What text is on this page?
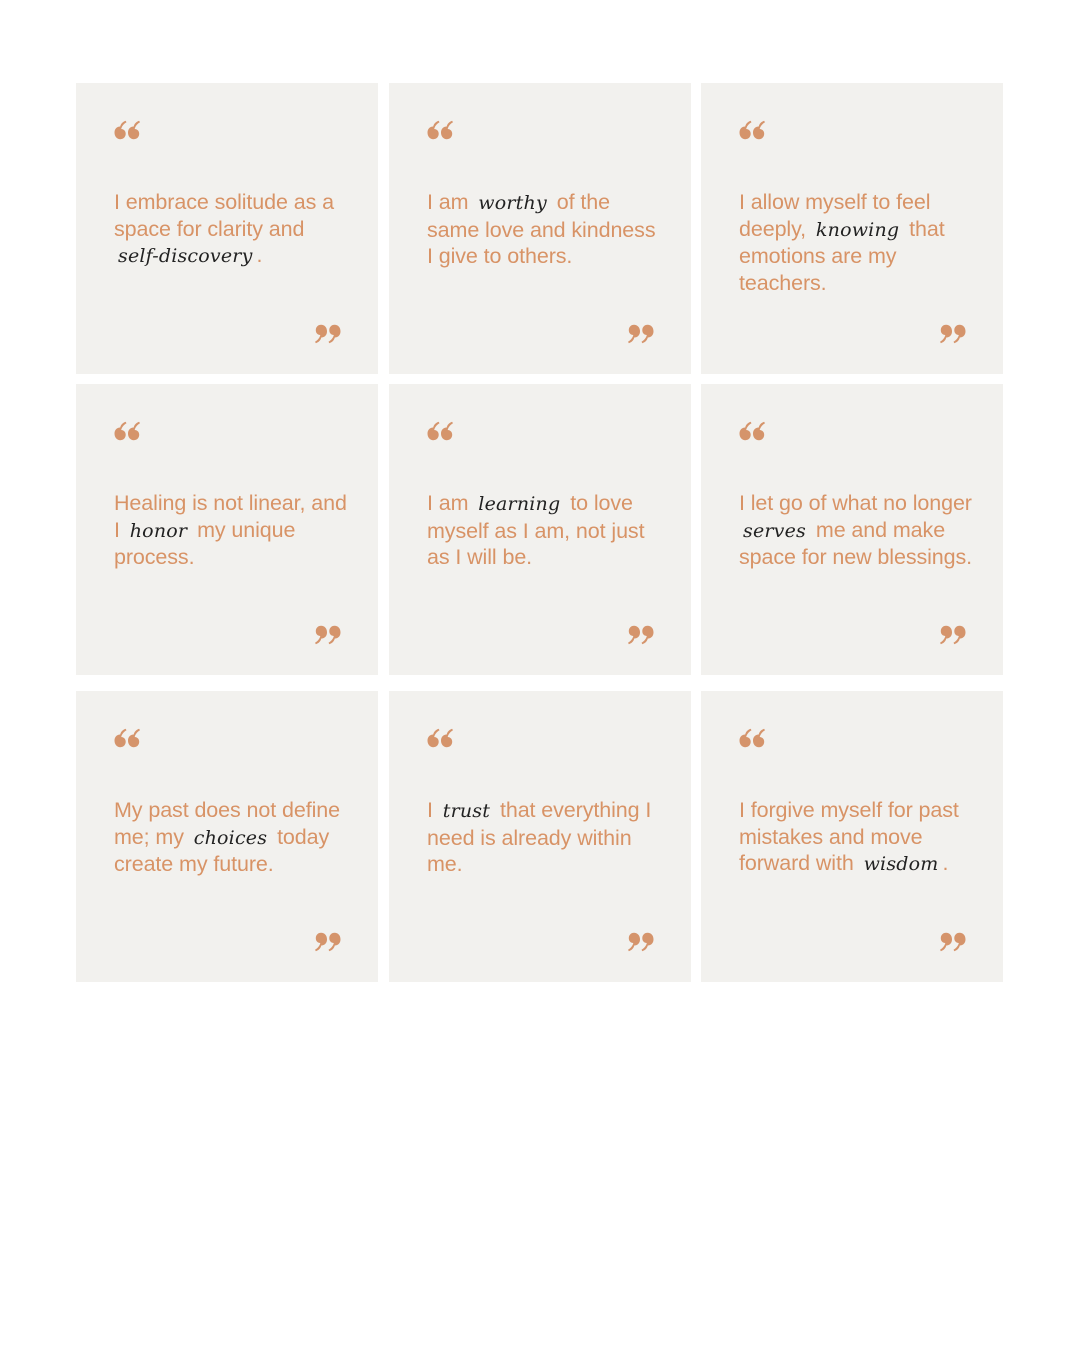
I embrace solitude as a space for clarity and self-discovery .

I am worthy of the same love and kindness I give to others.

I allow myself to feel deeply, knowing that emotions are my teachers.

Healing is not linear, and I honor my unique process.

I am learning to love myself as I am, not just as I will be.

I let go of what no longer serves me and make space for new blessings.

My past does not define me; my choices today create my future.

I trust that everything I need is already within me.

I forgive myself for past mistakes and move forward with wisdom .
